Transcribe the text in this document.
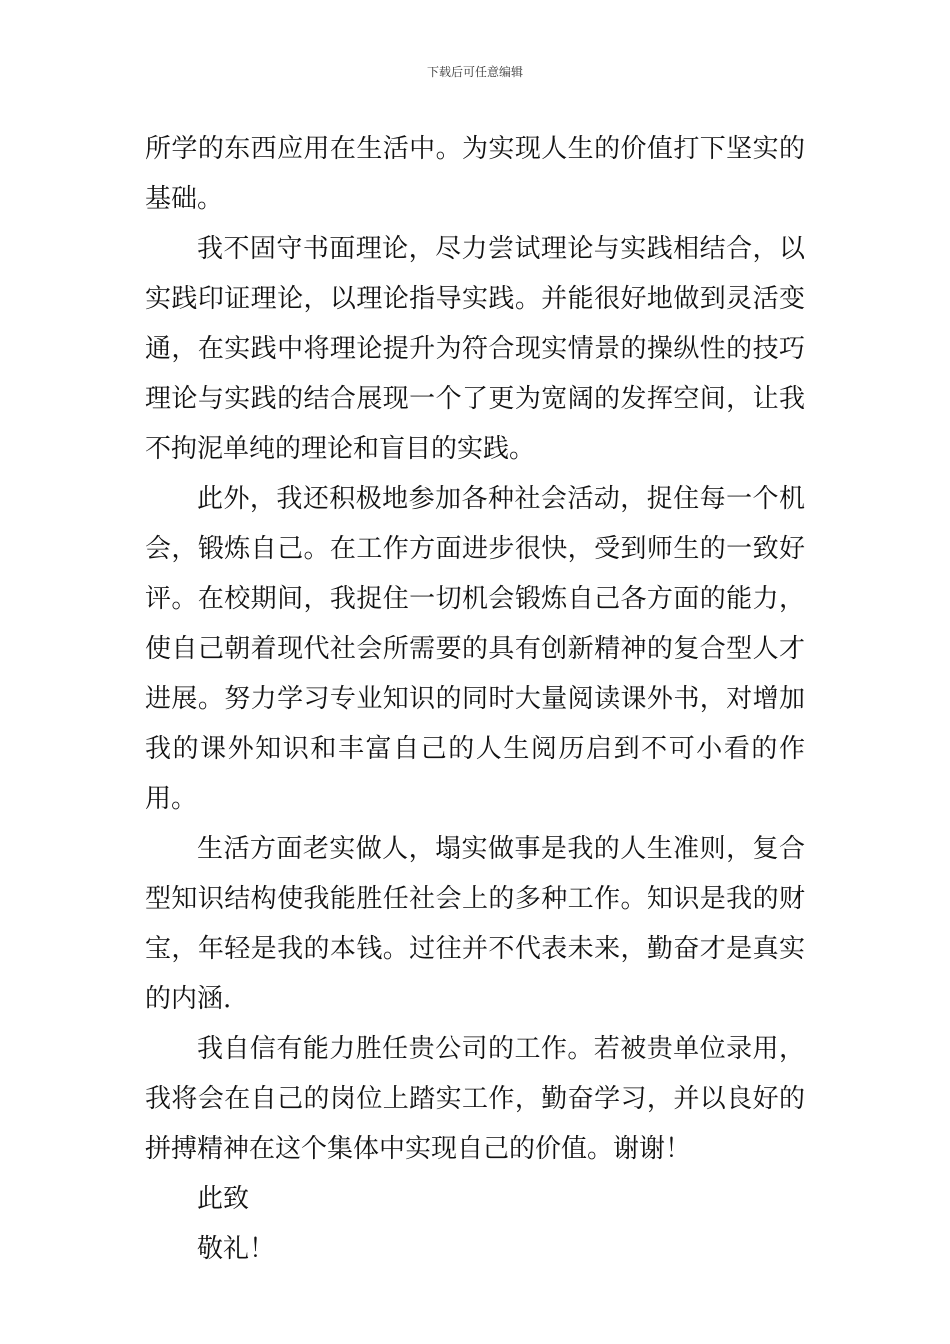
下载后可任意编辑

所学的东西应用在生活中。为实现人生的价值打下坚实的基础。

我不固守书面理论，尽力尝试理论与实践相结合，以实践印证理论，以理论指导实践。并能很好地做到灵活变通，在实践中将理论提升为符合现实情景的操纵性的技巧理论与实践的结合展现一个了更为宽阔的发挥空间，让我不拘泥单纯的理论和盲目的实践。

此外，我还积极地参加各种社会活动，捉住每一个机会，锻炼自己。在工作方面进步很快，受到师生的一致好评。在校期间，我捉住一切机会锻炼自己各方面的能力，使自己朝着现代社会所需要的具有创新精神的复合型人才进展。努力学习专业知识的同时大量阅读课外书，对增加我的课外知识和丰富自己的人生阅历启到不可小看的作用。

生活方面老实做人，塌实做事是我的人生准则，复合型知识结构使我能胜任社会上的多种工作。知识是我的财宝，年轻是我的本钱。过往并不代表未来，勤奋才是真实的内涵.

我自信有能力胜任贵公司的工作。若被贵单位录用，我将会在自己的岗位上踏实工作，勤奋学习，并以良好的拼搏精神在这个集体中实现自己的价值。谢谢！

此致

敬礼！
